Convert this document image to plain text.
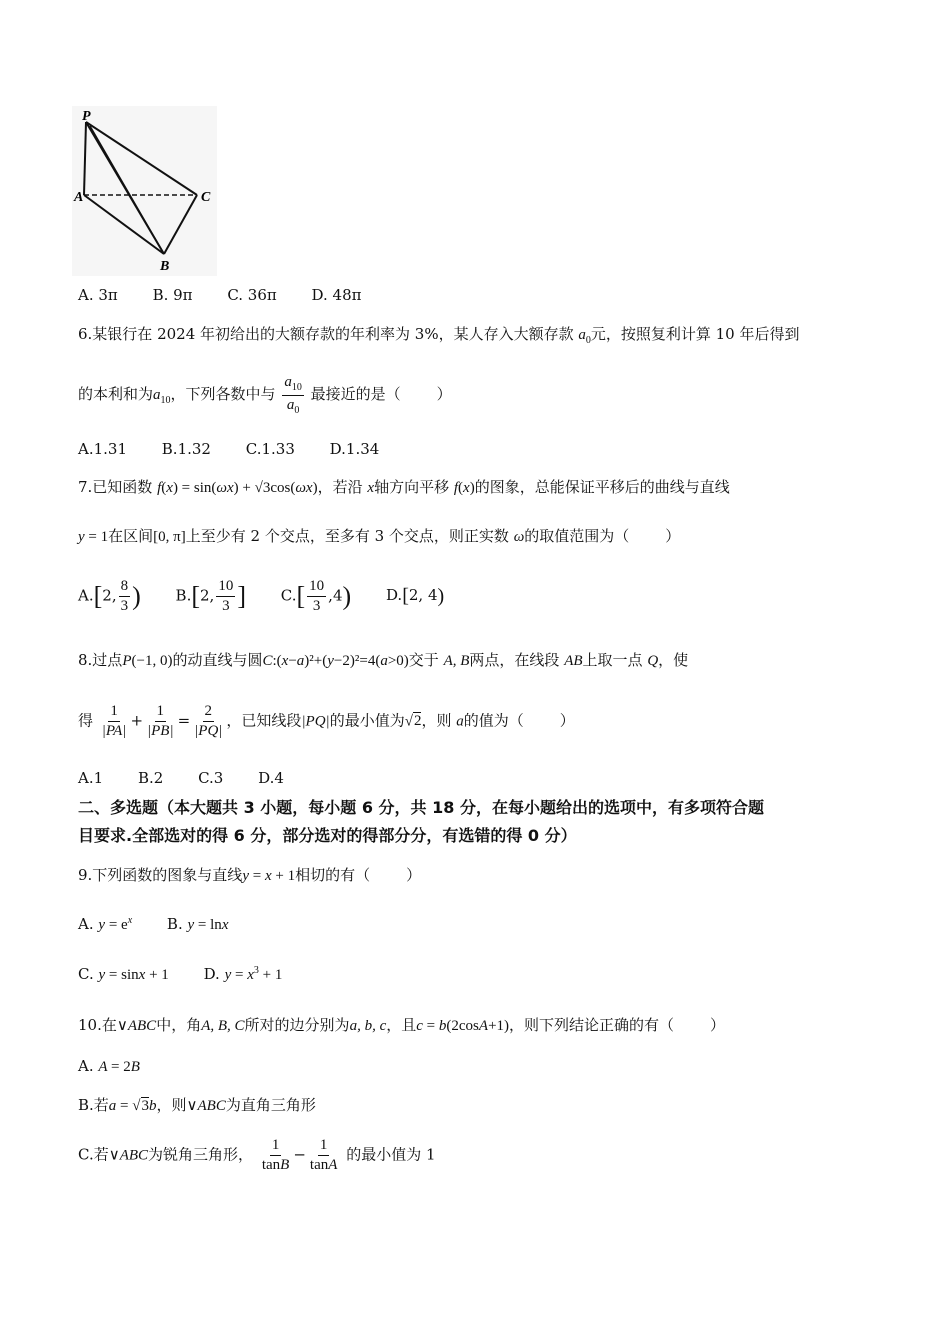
P
A	C
B
A. 3π B. 9π C. 36π D. 48π
6.某银行在 2024 年初给出的大额存款的年利率为 3%，某人存入大额存款 $a_0$元，按照复利计算 10 年后得到
的本利和为$a_{10}$，下列各数中与 $\frac{a_{10}}{a_0}$ 最接近的是（ ）
A.1.31 B.1.32 C.1.33 D.1.34
7.已知函数 f(x) = sin(ωx) + √3cos(ωx)，若沿 x轴方向平移 f(x)的图象，总能保证平移后的曲线与直线
y = 1在区间[0, π]上至少有 2 个交点，至多有 3 个交点，则正实数 ω的取值范围为（ ）
A.[2, $\frac{8}{3}$ ) B.[2, $\frac{10}{3}$ ] $C.[ \frac{10}{3} ,4)$ D.[2, 4)
8.过点P(−1, 0)的动直线与圆C:(x−a)²+(y−2)²=4(a>0)交于 A, B两点，在线段 AB上取一点 Q，使
得 $\frac{1}{|PA|} + \frac{1}{|PB|} = \frac{2}{|PQ|}$ ，已知线段|PQ|的最小值为√2，则 a的值为（ ）
A.1 B.2 C.3 D.4
二、多选题（本大题共 3 小题，每小题 6 分，共 18 分，在每小题给出的选项中，有多项符合题
目要求.全部选对的得 6 分，部分选对的得部分分，有选错的得 0 分）
9.下列函数的图象与直线y = x + 1相切的有（ ）
A. $y = e^x$ B. y = lnx
C. y = sinx + 1 D. $y = x^3 + 1$
10.在∨ABC中，角A, B, C所对的边分别为a, b, c，且c = b(2cosA+1)，则下列结论正确的有（ ）
A. A = 2B
B.若a = √3b，则∨ABC为直角三角形
C.若∨ABC为锐角三角形， $\frac{1}{\tan B} - \frac{1}{\tan A}$ 的最小值为 1
